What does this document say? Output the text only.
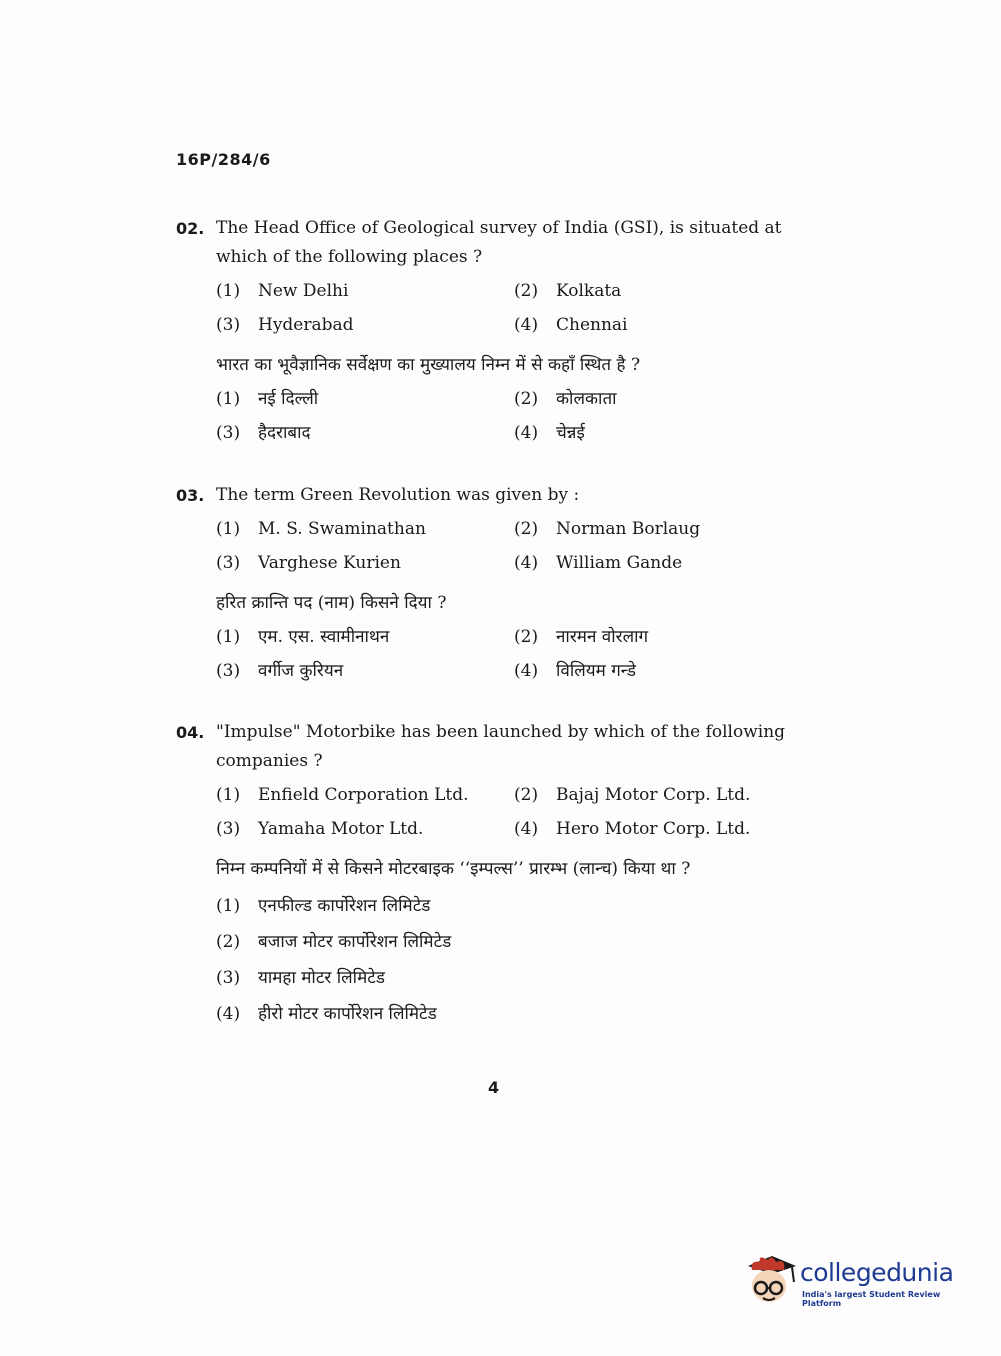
16P/284/6
02. The Head Office of Geological survey of India (GSI), is situated at which of the following places ?
(1)	New Delhi	(2)	Kolkata
(3)	Hyderabad	(4)	Chennai
भारत का भूवैज्ञानिक सर्वेक्षण का मुख्यालय निम्न में से कहाँ स्थित है ?
(1)	नई दिल्ली	(2)	कोलकाता
(3)	हैदराबाद	(4)	चेन्नई
03. The term Green Revolution was given by :
(1)	M. S. Swaminathan	(2)	Norman Borlaug
(3)	Varghese Kurien	(4)	William Gande
हरित क्रान्ति पद (नाम) किसने दिया ?
(1)	एम. एस. स्वामीनाथन	(2)	नारमन वोरलाग
(3)	वर्गीज कुरियन	(4)	विलियम गन्डे
04. "Impulse" Motorbike has been launched by which of the following companies ?
(1)	Enfield Corporation Ltd.	(2)	Bajaj Motor Corp. Ltd.
(3)	Yamaha Motor Ltd.	(4)	Hero Motor Corp. Ltd.
निम्न कम्पनियों में से किसने मोटरबाइक ‘‘इम्पल्स’’ प्रारम्भ (लान्च) किया था ?
(1)	एनफील्ड कार्पोरेशन लिमिटेड
(2)	बजाज मोटर कार्पोरेशन लिमिटेड
(3)	यामहा मोटर लिमिटेड
(4)	हीरो मोटर कार्पोरेशन लिमिटेड
4
collegedunia
India's largest Student Review Platform
